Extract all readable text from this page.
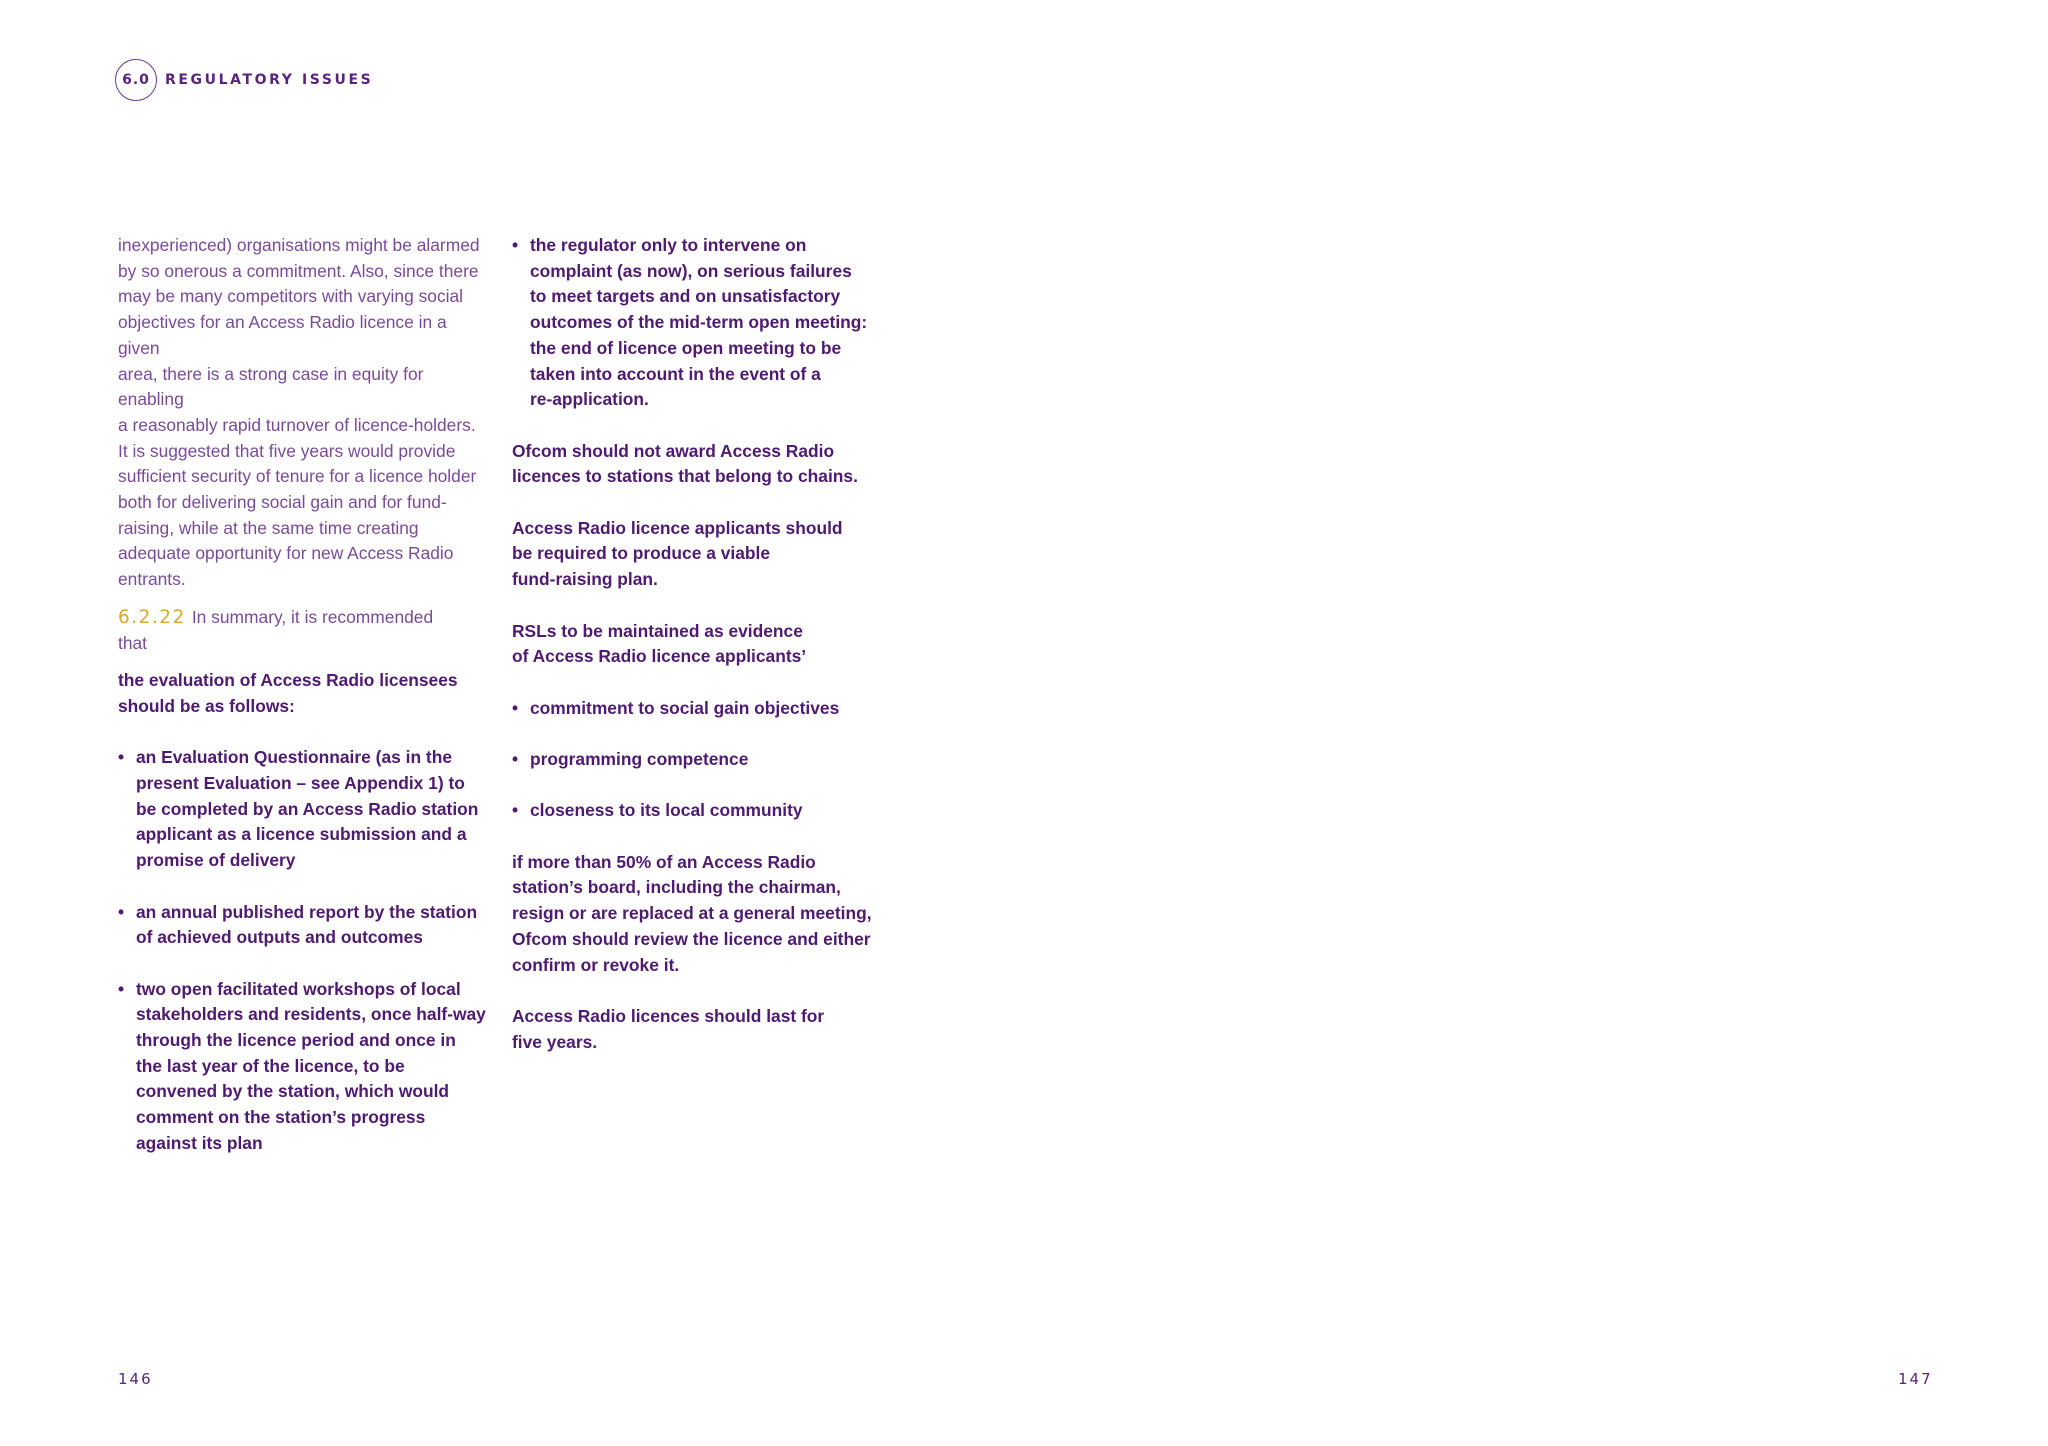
6.0	REGULATORY ISSUES

inexperienced) organisations might be alarmed

by so onerous a commitment. Also, since there

may be many competitors with varying social

objectives for an Access Radio licence in a given

area, there is a strong case in equity for enabling

a reasonably rapid turnover of licence-holders.

It is suggested that five years would provide

sufficient security of tenure for a licence holder

both for delivering social gain and for fund-

raising, while at the same time creating

adequate opportunity for new Access Radio

entrants.

6.2.22 In summary, it is recommended

that

the evaluation of Access Radio licensees

should be as follows:

• an Evaluation Questionnaire (as in the

present Evaluation – see Appendix 1) to

be completed by an Access Radio station

applicant as a licence submission and a

promise of delivery

• an annual published report by the station

of achieved outputs and outcomes

• two open facilitated workshops of local

stakeholders and residents, once half-way

through the licence period and once in

the last year of the licence, to be

convened by the station, which would

comment on the station’s progress

against its plan

• the regulator only to intervene on

complaint (as now), on serious failures

to meet targets and on unsatisfactory

outcomes of the mid-term open meeting:

the end of licence open meeting to be

taken into account in the event of a

re-application.

Ofcom should not award Access Radio

licences to stations that belong to chains.

Access Radio licence applicants should

be required to produce a viable

fund-raising plan.

RSLs to be maintained as evidence

of Access Radio licence applicants’

• commitment to social gain objectives

• programming competence

• closeness to its local community

if more than 50% of an Access Radio

station’s board, including the chairman,

resign or are replaced at a general meeting,

Ofcom should review the licence and either

confirm or revoke it.

Access Radio licences should last for

five years.

146	147
